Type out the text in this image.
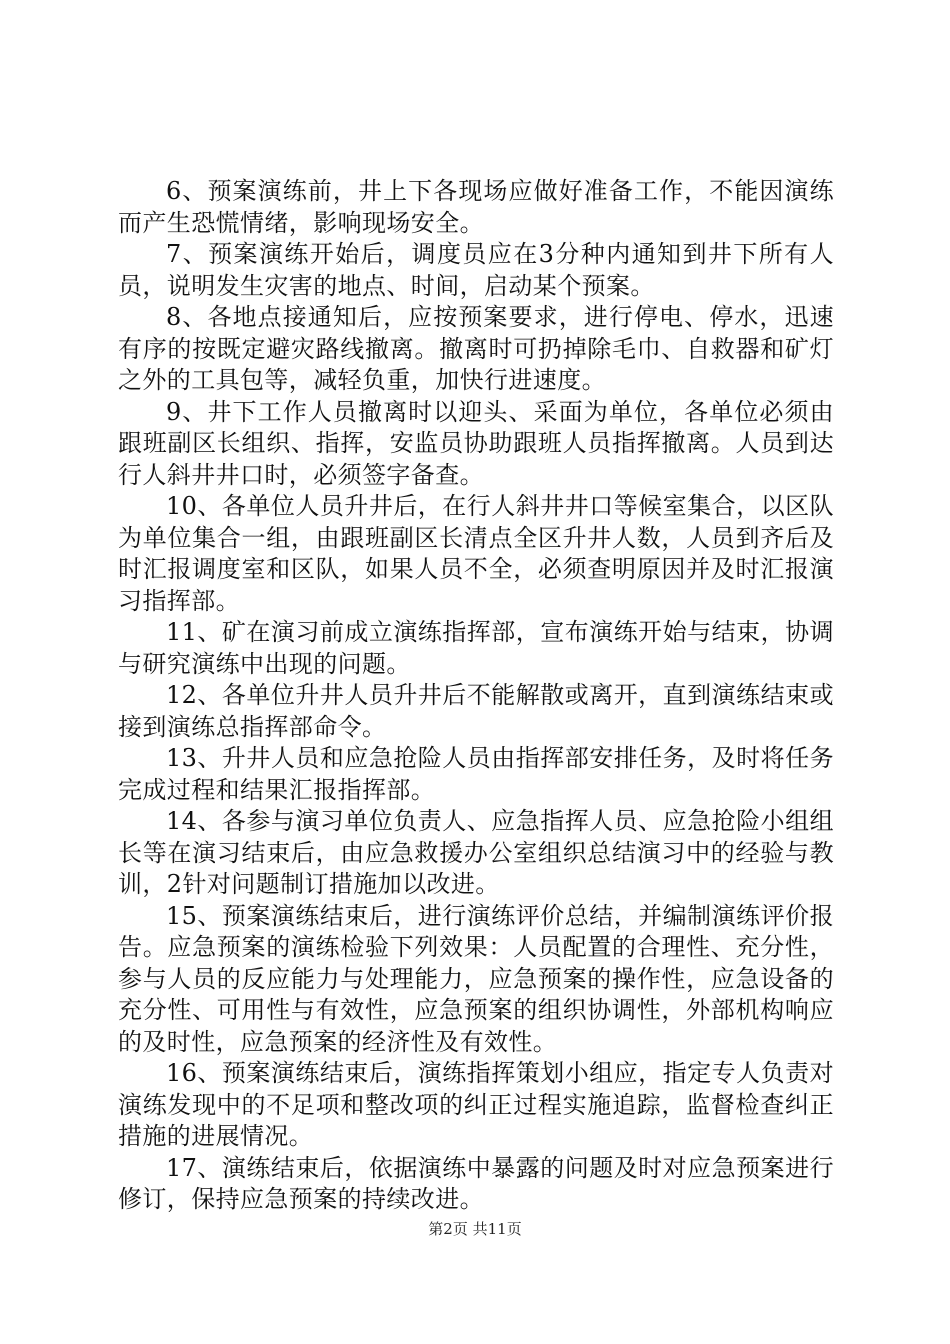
6、预案演练前，井上下各现场应做好准备工作，不能因演练而产生恐慌情绪，影响现场安全。

7、预案演练开始后，调度员应在3分种内通知到井下所有人员，说明发生灾害的地点、时间，启动某个预案。

8、各地点接通知后，应按预案要求，进行停电、停水，迅速有序的按既定避灾路线撤离。撤离时可扔掉除毛巾、自救器和矿灯之外的工具包等，减轻负重，加快行进速度。

9、井下工作人员撤离时以迎头、采面为单位，各单位必须由跟班副区长组织、指挥，安监员协助跟班人员指挥撤离。人员到达行人斜井井口时，必须签字备查。

10、各单位人员升井后，在行人斜井井口等候室集合，以区队为单位集合一组，由跟班副区长清点全区升井人数，人员到齐后及时汇报调度室和区队，如果人员不全，必须查明原因并及时汇报演习指挥部。

11、矿在演习前成立演练指挥部，宣布演练开始与结束，协调与研究演练中出现的问题。

12、各单位升井人员升井后不能解散或离开，直到演练结束或接到演练总指挥部命令。

13、升井人员和应急抢险人员由指挥部安排任务，及时将任务完成过程和结果汇报指挥部。

14、各参与演习单位负责人、应急指挥人员、应急抢险小组组长等在演习结束后，由应急救援办公室组织总结演习中的经验与教训，2针对问题制订措施加以改进。

15、预案演练结束后，进行演练评价总结，并编制演练评价报告。应急预案的演练检验下列效果：人员配置的合理性、充分性，参与人员的反应能力与处理能力，应急预案的操作性，应急设备的充分性、可用性与有效性，应急预案的组织协调性，外部机构响应的及时性，应急预案的经济性及有效性。

16、预案演练结束后，演练指挥策划小组应，指定专人负责对演练发现中的不足项和整改项的纠正过程实施追踪，监督检查纠正措施的进展情况。

17、演练结束后，依据演练中暴露的问题及时对应急预案进行修订，保持应急预案的持续改进。

第2页 共11页
